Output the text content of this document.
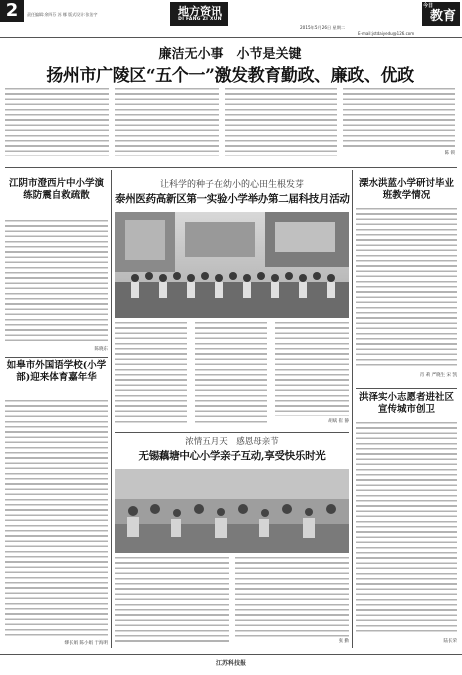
2	责任编辑:余四芬 苏 娜 版式设计:张治宇	地方资讯
DI FANG ZI XUN
2015年5月26日 星期二
E-mail:jstdaiyedu@126.com
今日
教育
廉洁无小事　小节是关键
扬州市广陵区“五个一”激发教育勤政、廉政、优政
陈 锁
江阴市澄西片中小学演练防震自救疏散
陈晓东
如皋市外国语学校(小学部)迎来体育嘉年华
缪长娟 陈小娟 于海明
让科学的种子在幼小的心田生根发芽
泰州医药高新区第一实验小学举办第二届科技月活动
胡斌 崔 静
浓情五月天　感恩母亲节
无锡藕塘中心小学亲子互动,享受快乐时光
张 勤
溧水洪蓝小学研讨毕业班教学情况
肖 莉 严晓生 宋 凯
洪泽实小志愿者进社区宣传城市创卫
陆长荣
江苏科技报
